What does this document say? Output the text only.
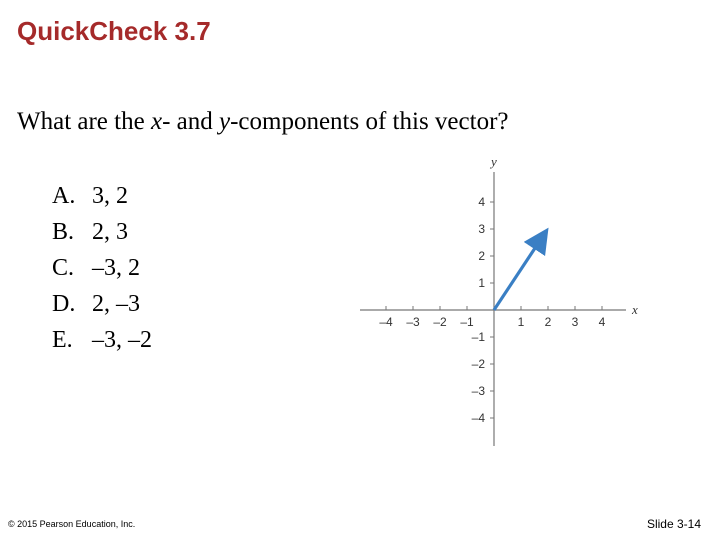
QuickCheck 3.7
What are the x- and y-components of this vector?
A. 3, 2
B. 2, 3
C. –3, 2
D. 2, –3
E. –3, –2
y
x
–4 –3 –2 –1	1 2 3 4
4
3
2
1
–1
–2
–3
–4
© 2015 Pearson Education, Inc.	Slide 3-14
